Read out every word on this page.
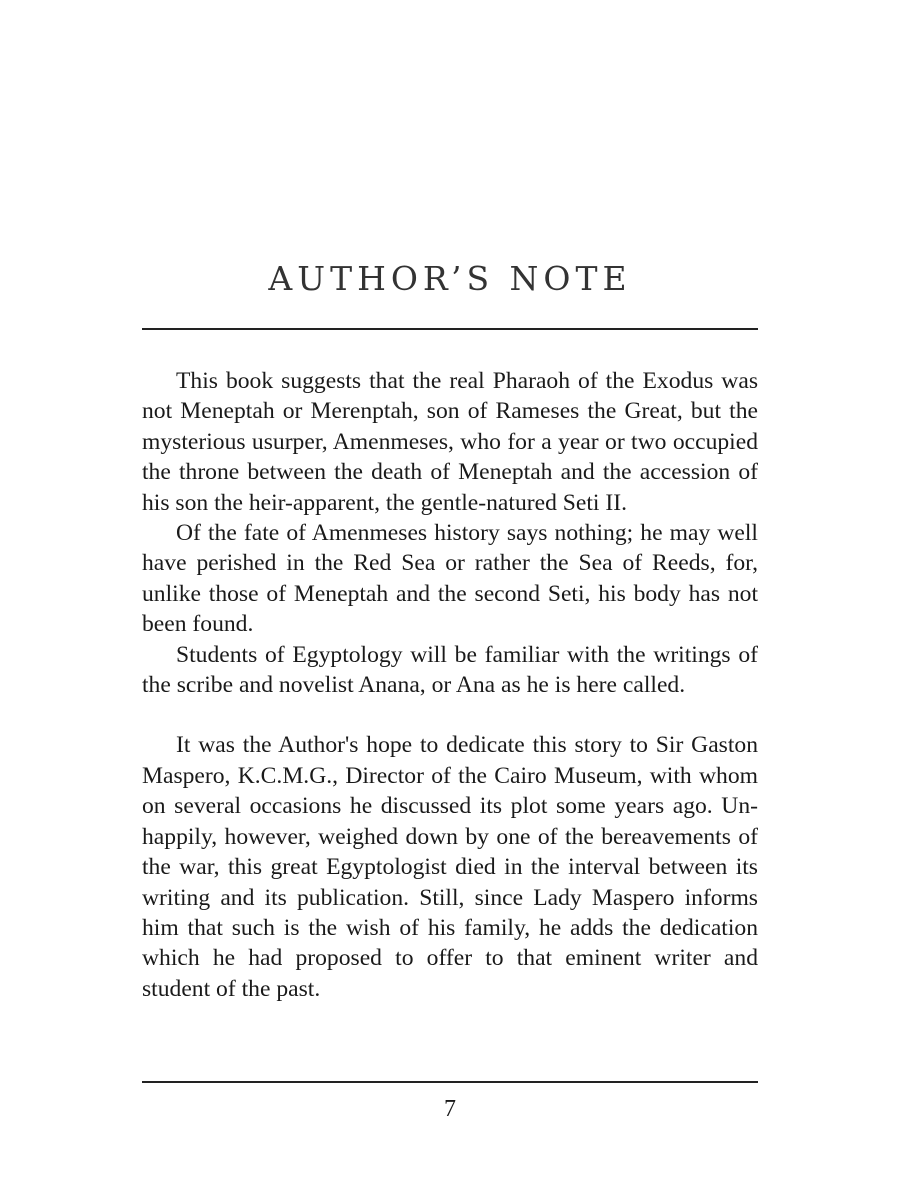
AUTHOR’S NOTE

This book suggests that the real Pharaoh of the Exodus was not Meneptah or Merenptah, son of Rameses the Great, but the mysterious usurper, Amenmeses, who for a year or two occupied the throne between the death of Meneptah and the accession of his son the heir-apparent, the gentle-natured Seti II.

Of the fate of Amenmeses history says nothing; he may well have perished in the Red Sea or rather the Sea of Reeds, for, unlike those of Meneptah and the second Seti, his body has not been found.

Students of Egyptology will be familiar with the writings of the scribe and novelist Anana, or Ana as he is here called.

It was the Author's hope to dedicate this story to Sir Gaston Maspero, K.C.M.G., Director of the Cairo Museum, with whom on several occasions he discussed its plot some years ago. Unhappily, however, weighed down by one of the bereavements of the war, this great Egyptologist died in the interval between its writing and its publication. Still, since Lady Maspero informs him that such is the wish of his family, he adds the dedication which he had proposed to offer to that eminent writer and student of the past.

7
